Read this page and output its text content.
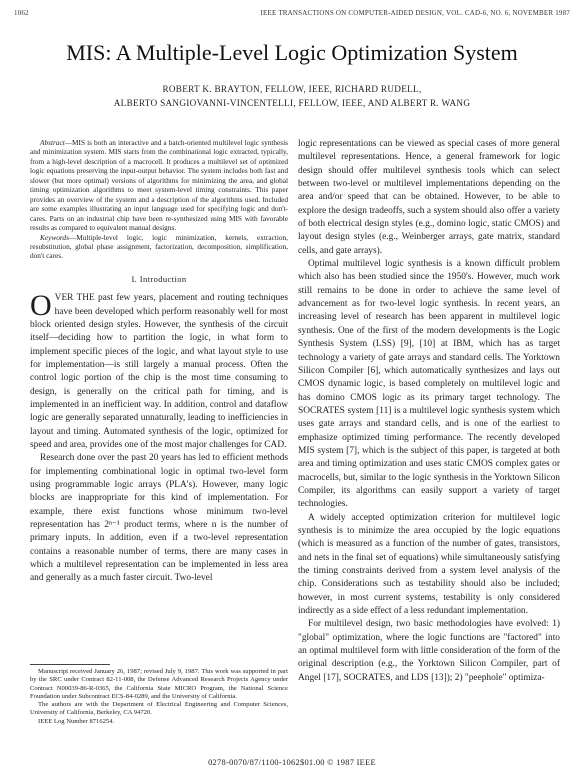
1062	IEEE TRANSACTIONS ON COMPUTER-AIDED DESIGN, VOL. CAD-6, NO. 6, NOVEMBER 1987
MIS: A Multiple-Level Logic Optimization System
ROBERT K. BRAYTON, FELLOW, IEEE, RICHARD RUDELL,
ALBERTO SANGIOVANNI-VINCENTELLI, FELLOW, IEEE, AND ALBERT R. WANG

Abstract—MIS is both an interactive and a batch-oriented multilevel logic synthesis and minimization system. MIS starts from the combinational logic extracted, typically, from a high-level description of a macrocell. It produces a multilevel set of optimized logic equations preserving the input-output behavior. The system includes both fast and slower (but more optimal) versions of algorithms for minimizing the area, and global timing optimization algorithms to meet system-level timing constraints. This paper provides an overview of the system and a description of the algorithms used. Included are some examples illustrating an input language used for specifying logic and don't-cares. Parts on an industrial chip have been re-synthesized using MIS with favorable results as compared to equivalent manual designs.

Keywords—Multiple-level logic, logic minimization, kernels, extraction, resubstitution, global phase assignment, factorization, decomposition, simplification, don't cares.

I. Introduction

OVER THE past few years, placement and routing techniques have been developed which perform reasonably well for most block oriented design styles. However, the synthesis of the circuit itself—deciding how to partition the logic, in what form to implement specific pieces of the logic, and what layout style to use for implementation—is still largely a manual process. Often the control logic portion of the chip is the most time consuming to design, is generally on the critical path for timing, and is implemented in an inefficient way. In addition, control and dataflow logic are generally separated unnaturally, leading to inefficiencies in layout and timing. Automated synthesis of the logic, optimized for speed and area, provides one of the most major challenges for CAD.

Research done over the past 20 years has led to efficient methods for implementing combinational logic in optimal two-level form using programmable logic arrays (PLA's). However, many logic blocks are inappropriate for this kind of implementation. For example, there exist functions whose minimum two-level representation has 2ⁿ⁻¹ product terms, where n is the number of primary inputs. In addition, even if a two-level representation contains a reasonable number of terms, there are many cases in which a multilevel representation can be implemented in less area and generally as a much faster circuit. Two-level

Manuscript received January 26, 1987; revised July 9, 1987. This work was supported in part by the SRC under Contract 82-11-008, the Defense Advanced Research Projects Agency under Contract N00039-86-R-0365, the California State MICRO Program, the National Science Foundation under Subcontract ECS-84-0289, and the University of California.

The authors are with the Department of Electrical Engineering and Computer Sciences, University of California, Berkeley, CA 94720.

IEEE Log Number 8716254.

logic representations can be viewed as special cases of more general multilevel representations. Hence, a general framework for logic design should offer multilevel synthesis tools which can select between two-level or multilevel implementations depending on the area and/or speed that can be obtained. However, to be able to explore the design tradeoffs, such a system should also offer a variety of both electrical design styles (e.g., domino logic, static CMOS) and layout design styles (e.g., Weinberger arrays, gate matrix, standard cells, and gate arrays).

Optimal multilevel logic synthesis is a known difficult problem which also has been studied since the 1950's. However, much work still remains to be done in order to achieve the same level of advancement as for two-level logic synthesis. In recent years, an increasing level of research has been apparent in multilevel logic synthesis. One of the first of the modern developments is the Logic Synthesis System (LSS) [9], [10] at IBM, which has as target technology a variety of gate arrays and standard cells. The Yorktown Silicon Compiler [6], which automatically synthesizes and lays out CMOS dynamic logic, is based completely on multilevel logic and has domino CMOS logic as its primary target technology. The SOCRATES system [11] is a multilevel logic synthesis system which uses gate arrays and standard cells, and is one of the earliest to emphasize optimized timing performance. The recently developed MIS system [7], which is the subject of this paper, is targeted at both area and timing optimization and uses static CMOS complex gates or macrocells, but, similar to the logic synthesis in the Yorktown Silicon Compiler, its algorithms can easily support a variety of target technologies.

A widely accepted optimization criterion for multilevel logic synthesis is to minimize the area occupied by the logic equations (which is measured as a function of the number of gates, transistors, and nets in the final set of equations) while simultaneously satisfying the timing constraints derived from a system level analysis of the chip. Considerations such as testability should also be included; however, in most current systems, testability is only considered indirectly as a side effect of a less redundant implementation.

For multilevel design, two basic methodologies have evolved: 1) "global" optimization, where the logic functions are "factored" into an optimal multilevel form with little consideration of the form of the original description (e.g., the Yorktown Silicon Compiler, part of Angel [17], SOCRATES, and LDS [13]); 2) "peephole" optimiza-

0278-0070/87/1100-1062$01.00 © 1987 IEEE
